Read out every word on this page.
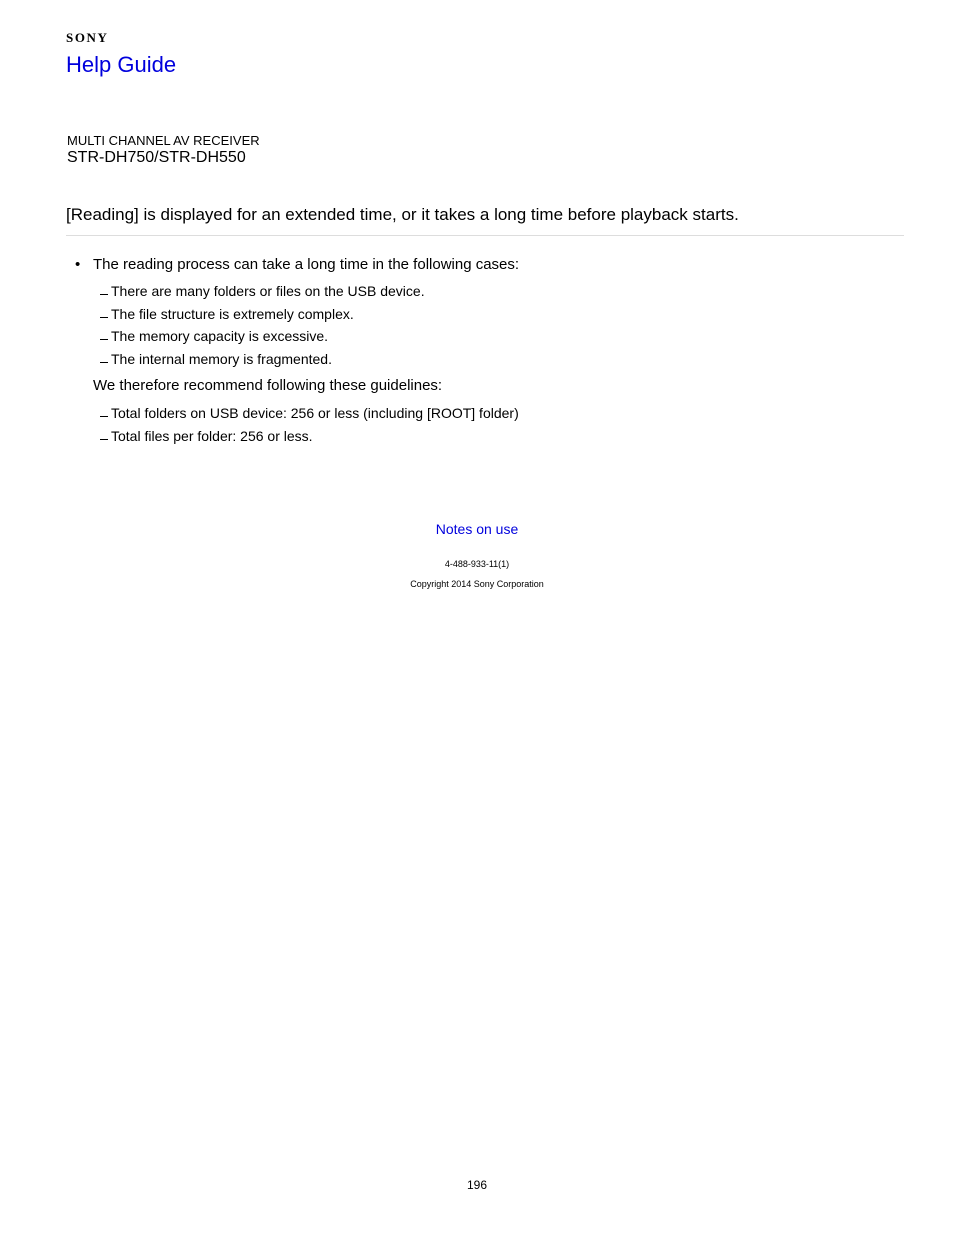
SONY
Help Guide
MULTI CHANNEL AV RECEIVER
STR-DH750/STR-DH550
[Reading] is displayed for an extended time, or it takes a long time before playback starts.
• The reading process can take a long time in the following cases:
There are many folders or files on the USB device.
The file structure is extremely complex.
The memory capacity is excessive.
The internal memory is fragmented.
We therefore recommend following these guidelines:
Total folders on USB device: 256 or less (including [ROOT] folder)
Total files per folder: 256 or less.
Notes on use
4-488-933-11(1)
Copyright 2014 Sony Corporation
196
